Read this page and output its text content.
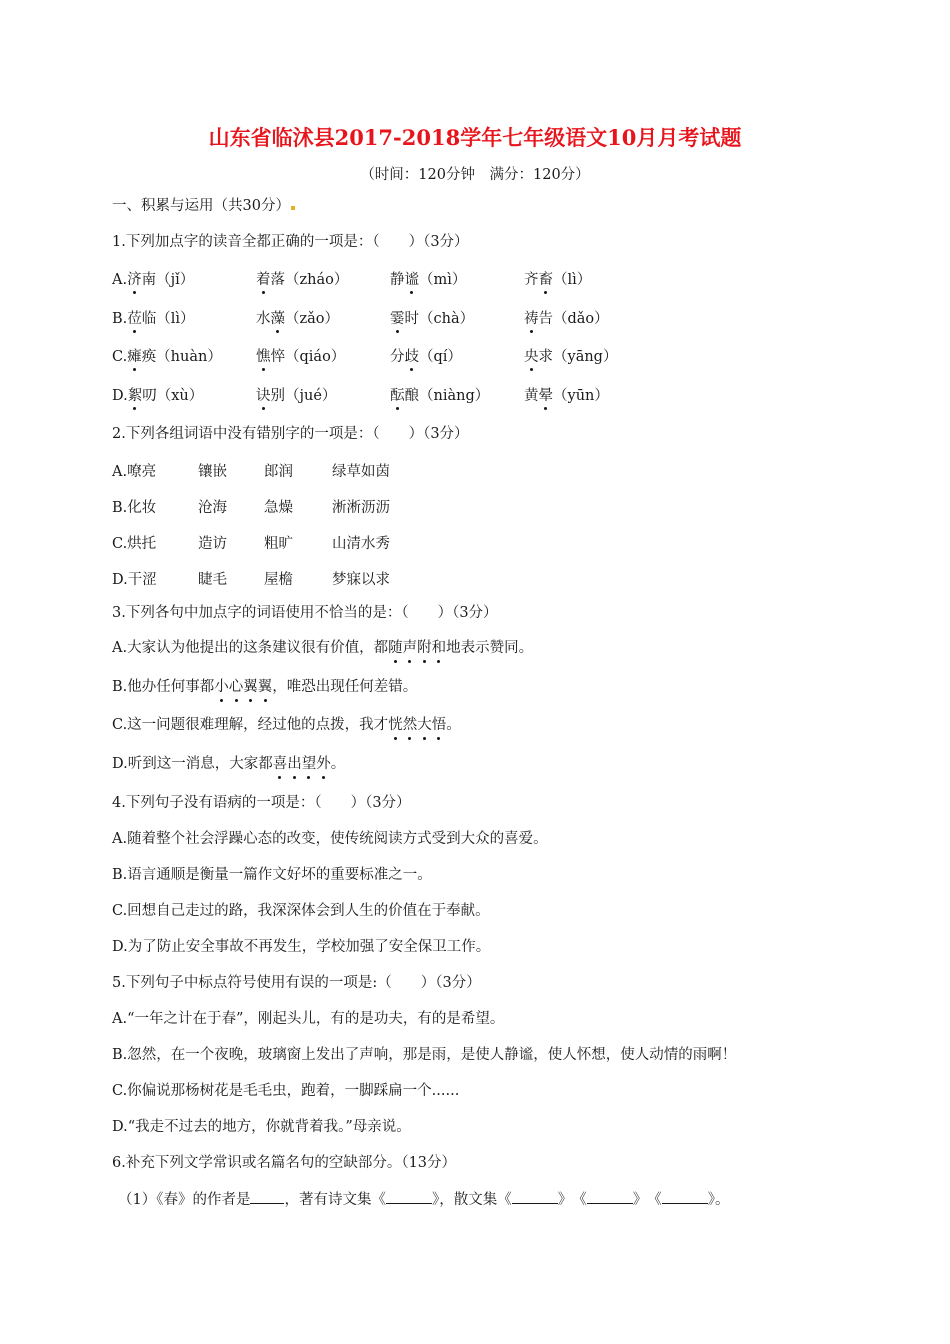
山东省临沭县2017-2018学年七年级语文10月月考试题
（时间：120分钟　满分：120分）
一、积累与运用（共30分）
1.下列加点字的读音全都正确的一项是：（　　）（3分）
A.济南（jǐ）	着落（zháo）	静谧（mì）	齐畜（lì）
B.莅临（lì）	水藻（zǎo）	霎时（chà）	祷告（dǎo）
C.瘫痪（huàn） 憔悴（qiáo）	分歧（qí）	央求（yāng）
D.絮叨（xù）	诀别（jué）	酝酿（niàng） 黄晕（yūn）
2.下列各组词语中没有错别字的一项是：（　　）（3分）
A.嘹亮	镶嵌	郎润	绿草如茵
B.化妆	沧海	急燥	淅淅沥沥
C.烘托	造访	粗旷	山清水秀
D.干涩	睫毛	屋檐	梦寐以求
3.下列各句中加点字的词语使用不恰当的是：（　　）（3分）
A.大家认为他提出的这条建议很有价值，都随声附和地表示赞同。
B.他办任何事都小心翼翼，唯恐出现任何差错。
C.这一问题很难理解，经过他的点拨，我才恍然大悟。
D.听到这一消息，大家都喜出望外。
4.下列句子没有语病的一项是：（　　）（3分）
A.随着整个社会浮躁心态的改变，使传统阅读方式受到大众的喜爱。
B.语言通顺是衡量一篇作文好坏的重要标准之一。
C.回想自己走过的路，我深深体会到人生的价值在于奉献。
D.为了防止安全事故不再发生，学校加强了安全保卫工作。
5.下列句子中标点符号使用有误的一项是:（　　）（3分）
A.“一年之计在于春”，刚起头儿，有的是功夫，有的是希望。
B.忽然，在一个夜晚，玻璃窗上发出了声响，那是雨，是使人静谧，使人怀想，使人动情的雨啊！
C.你偏说那杨树花是毛毛虫，跑着，一脚踩扁一个......
D.“我走不过去的地方，你就背着我。”母亲说。
6.补充下列文学常识或名篇名句的空缺部分。（13分）
（1）《春》的作者是 ，著有诗文集《	》，散文集《	》　《	》　《	》。
